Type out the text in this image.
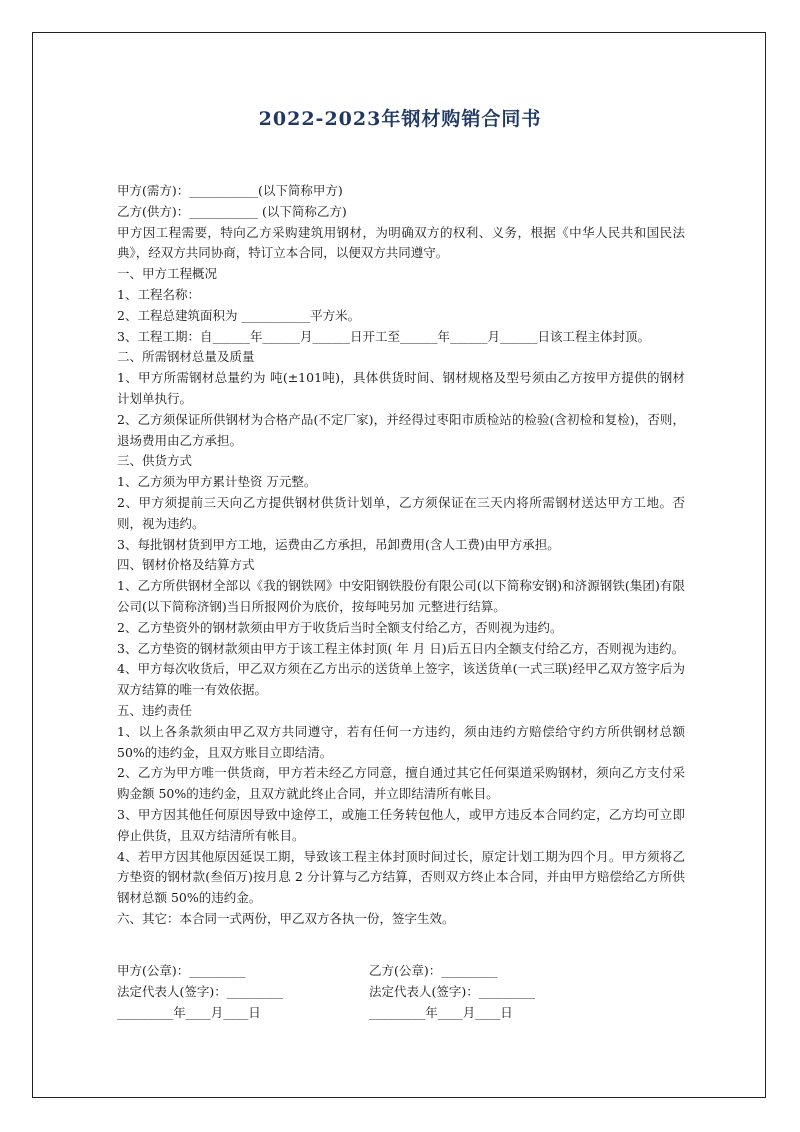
2022-2023年钢材购销合同书

甲方(需方)：___________(以下简称甲方)

乙方(供方)：___________ (以下简称乙方)

甲方因工程需要，特向乙方采购建筑用钢材，为明确双方的权利、义务，根据《中华人民共和国民法典》，经双方共同协商，特订立本合同，以便双方共同遵守。

一、甲方工程概况

1、工程名称：

2、工程总建筑面积为 ___________平方米。

3、工程工期：自______年______月______日开工至______年______月______日该工程主体封顶。

二、所需钢材总量及质量

1、甲方所需钢材总量约为 吨(±101吨)，具体供货时间、钢材规格及型号须由乙方按甲方提供的钢材计划单执行。

2、乙方须保证所供钢材为合格产品(不定厂家)，并经得过枣阳市质检站的检验(含初检和复检)，否则，退场费用由乙方承担。

三、供货方式

1、乙方须为甲方累计垫资 万元整。

2、甲方须提前三天向乙方提供钢材供货计划单，乙方须保证在三天内将所需钢材送达甲方工地。否则，视为违约。

3、每批钢材货到甲方工地，运费由乙方承担，吊卸费用(含人工费)由甲方承担。

四、钢材价格及结算方式

1、乙方所供钢材全部以《我的钢铁网》中安阳钢铁股份有限公司(以下简称安钢)和济源钢铁(集团)有限公司(以下简称济钢)当日所报网价为底价，按每吨另加 元整进行结算。

2、乙方垫资外的钢材款须由甲方于收货后当时全额支付给乙方，否则视为违约。

3、乙方垫资的钢材款须由甲方于该工程主体封顶( 年 月 日)后五日内全额支付给乙方，否则视为违约。

4、甲方每次收货后，甲乙双方须在乙方出示的送货单上签字，该送货单(一式三联)经甲乙双方签字后为双方结算的唯一有效依据。

五、违约责任

1、以上各条款须由甲乙双方共同遵守，若有任何一方违约，须由违约方赔偿给守约方所供钢材总额 50%的违约金，且双方账目立即结清。

2、乙方为甲方唯一供货商，甲方若未经乙方同意，擅自通过其它任何渠道采购钢材，须向乙方支付采购金额 50%的违约金，且双方就此终止合同，并立即结清所有帐目。

3、甲方因其他任何原因导致中途停工，或施工任务转包他人，或甲方违反本合同约定，乙方均可立即停止供货，且双方结清所有帐目。

4、若甲方因其他原因延误工期，导致该工程主体封顶时间过长，原定计划工期为四个月。甲方须将乙方垫资的钢材款(叁佰万)按月息 2 分计算与乙方结算，否则双方终止本合同，并由甲方赔偿给乙方所供钢材总额 50%的违约金。

六、其它：本合同一式两份，甲乙双方各执一份，签字生效。

甲方(公章)：_________	乙方(公章)：_________
法定代表人(签字)：_________	法定代表人(签字)：_________
_________年____月____日	_________年____月____日
